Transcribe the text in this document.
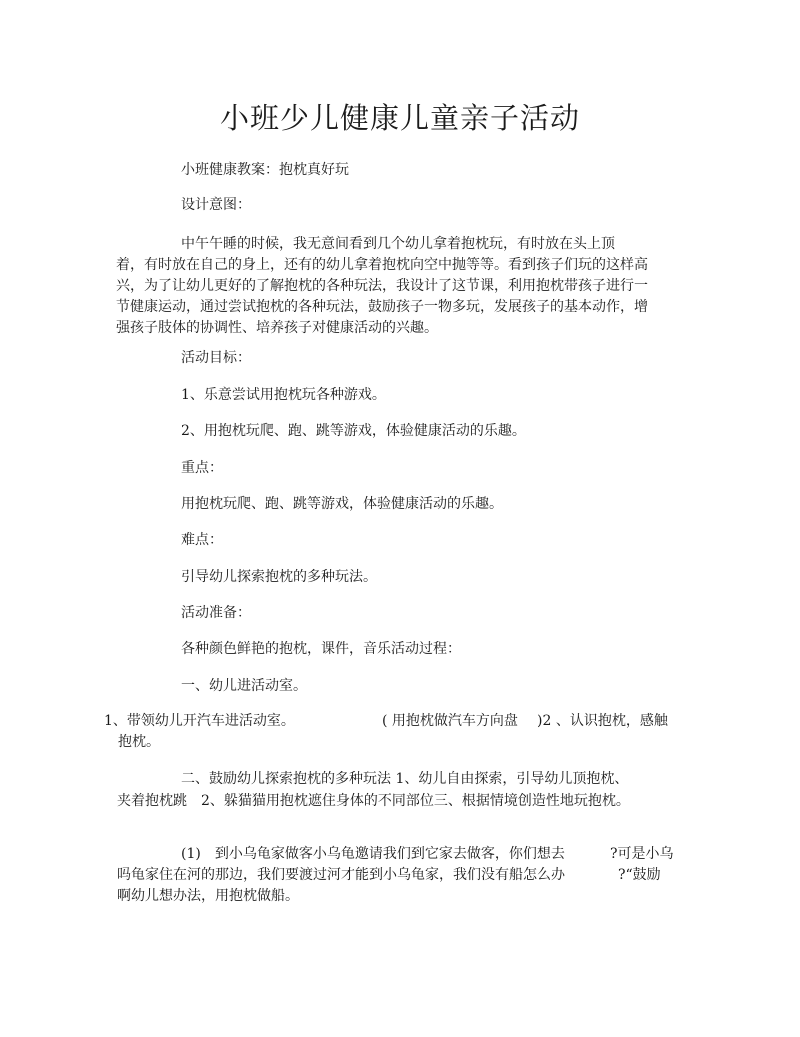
小班少儿健康儿童亲子活动

小班健康教案：抱枕真好玩

设计意图：

中午午睡的时候，我无意间看到几个幼儿拿着抱枕玩，有时放在头上顶
着，有时放在自己的身上，还有的幼儿拿着抱枕向空中抛等等。看到孩子们玩的这样高兴，为了让幼儿更好的了解抱枕的各种玩法，我设计了这节课，利用抱枕带孩子进行一节健康运动，通过尝试抱枕的各种玩法，鼓励孩子一物多玩，发展孩子的基本动作，增强孩子肢体的协调性、培养孩子对健康活动的兴趣。

活动目标：

1、乐意尝试用抱枕玩各种游戏。

2、用抱枕玩爬、跑、跳等游戏，体验健康活动的乐趣。

重点：

用抱枕玩爬、跑、跳等游戏，体验健康活动的乐趣。

难点：

引导幼儿探索抱枕的多种玩法。

活动准备：

各种颜色鲜艳的抱枕，课件，音乐活动过程：

一、幼儿进活动室。

1、带领幼儿开汽车进活动室。	( 用抱枕做汽车方向盘 )2 、认识抱枕，感触

抱枕。

二、鼓励幼儿探索抱枕的多种玩法 1、幼儿自由探索，引导幼儿顶抱枕、

夹着抱枕跳　2、躲猫猫用抱枕遮住身体的不同部位三、根据情境创造性地玩抱枕。

(1)　到小乌龟家做客小乌龟邀请我们到它家去做客，你们想去	?可是小乌

吗龟家住在河的那边，我们要渡过河才能到小乌龟家，我们没有船怎么办	?“鼓励

啊幼儿想办法，用抱枕做船。
